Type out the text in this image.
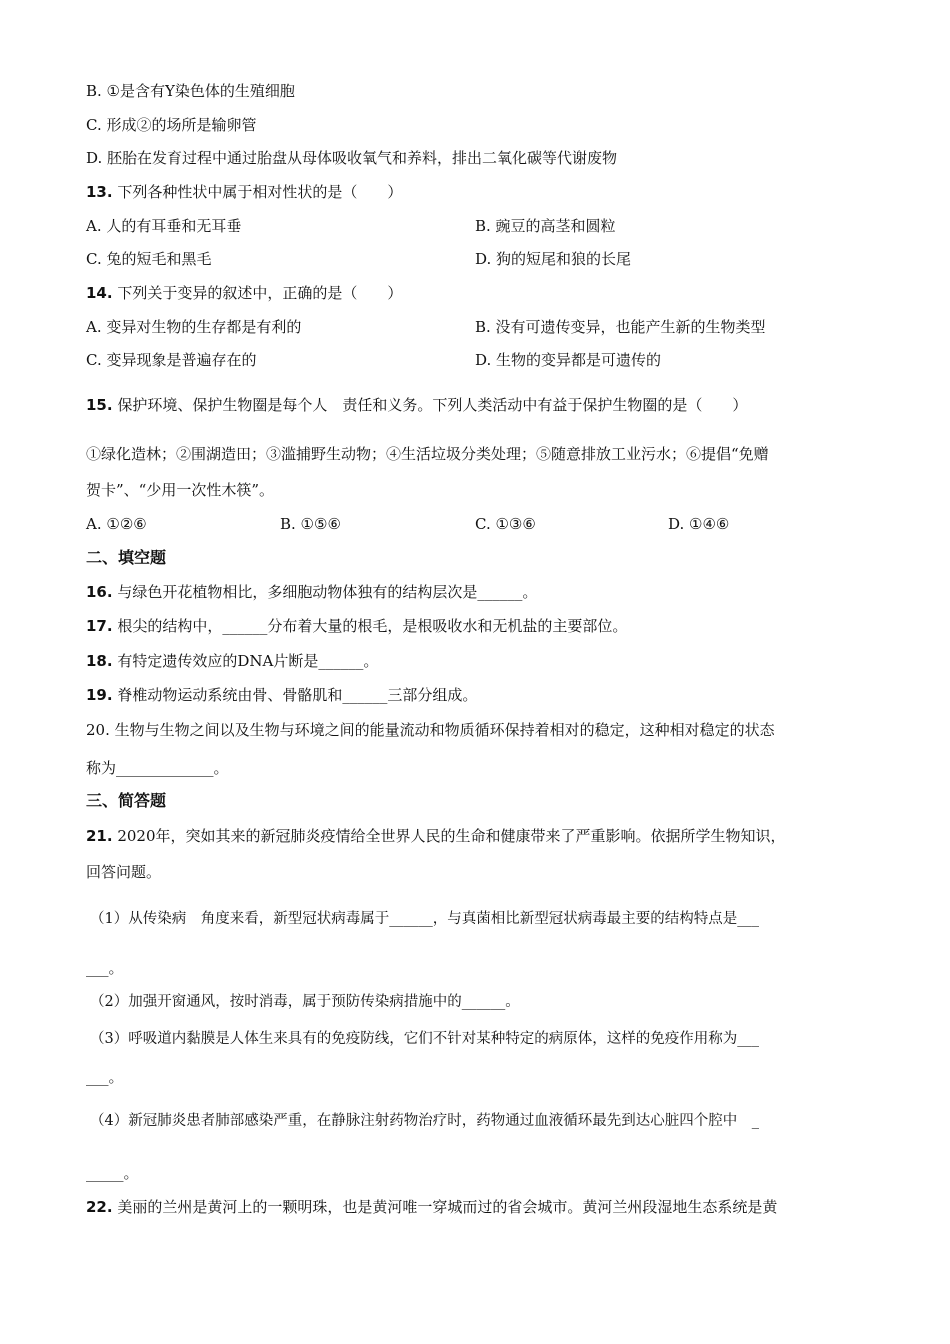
B. ①是含有Y染色体的生殖细胞
C. 形成②的场所是输卵管
D. 胚胎在发育过程中通过胎盘从母体吸收氧气和养料，排出二氧化碳等代谢废物
13. 下列各种性状中属于相对性状的是（　　）
A. 人的有耳垂和无耳垂	B. 豌豆的高茎和圆粒
C. 兔的短毛和黑毛	D. 狗的短尾和狼的长尾
14. 下列关于变异的叙述中，正确的是（　　）
A. 变异对生物的生存都是有利的	B. 没有可遗传变异，也能产生新的生物类型
C. 变异现象是普遍存在的	D. 生物的变异都是可遗传的
15. 保护环境、保护生物圈是每个人　责任和义务。下列人类活动中有益于保护生物圈的是（　　）
①绿化造林；②围湖造田；③滥捕野生动物；④生活垃圾分类处理；⑤随意排放工业污水；⑥提倡“免赠
贺卡”、“少用一次性木筷”。
A. ①②⑥	B. ①⑤⑥	C. ①③⑥	D. ①④⑥
二、填空题
16. 与绿色开花植物相比，多细胞动物体独有的结构层次是______。
17. 根尖的结构中，______分布着大量的根毛，是根吸收水和无机盐的主要部位。
18. 有特定遗传效应的DNA片断是______。
19. 脊椎动物运动系统由骨、骨骼肌和______三部分组成。
20. 生物与生物之间以及生物与环境之间的能量流动和物质循环保持着相对的稳定，这种相对稳定的状态
称为_____________。
三、简答题
21. 2020年，突如其来的新冠肺炎疫情给全世界人民的生命和健康带来了严重影响。依据所学生物知识，
回答问题。
（1）从传染病　角度来看，新型冠状病毒属于______，与真菌相比新型冠状病毒最主要的结构特点是___
___。
（2）加强开窗通风，按时消毒，属于预防传染病措施中的______。
（3）呼吸道内黏膜是人体生来具有的免疫防线，它们不针对某种特定的病原体，这样的免疫作用称为___
___。
（4）新冠肺炎患者肺部感染严重，在静脉注射药物治疗时，药物通过血液循环最先到达心脏四个腔中　_
_____。
22. 美丽的兰州是黄河上的一颗明珠，也是黄河唯一穿城而过的省会城市。黄河兰州段湿地生态系统是黄
